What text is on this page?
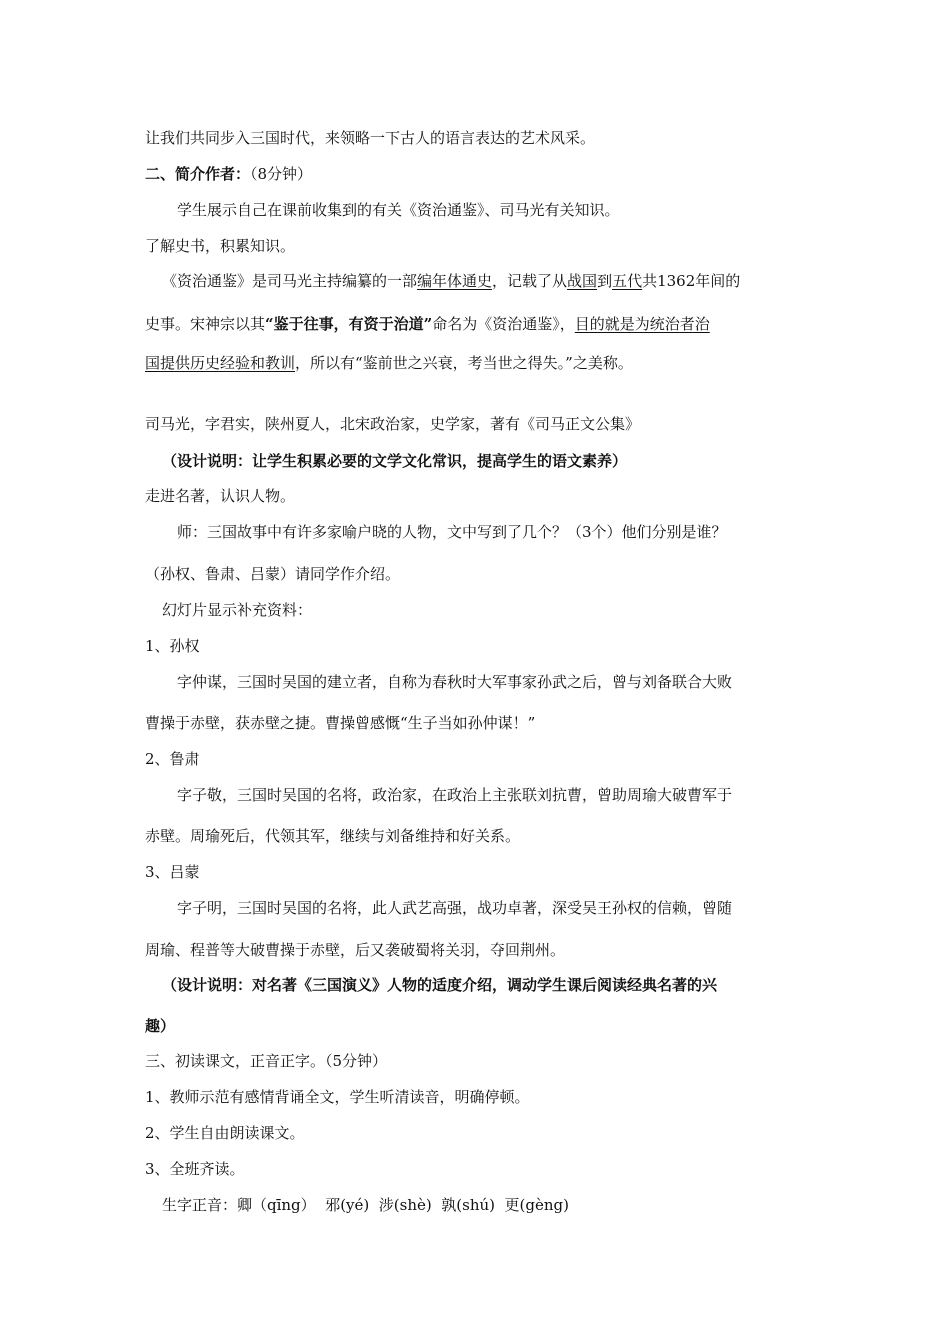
让我们共同步入三国时代，来领略一下古人的语言表达的艺术风采。
二、简介作者：（8分钟）
学生展示自己在课前收集到的有关《资治通鉴》、司马光有关知识。
了解史书，积累知识。
《资治通鉴》是司马光主持编纂的一部编年体通史，记载了从战国到五代共1362年间的
史事。宋神宗以其“鉴于往事，有资于治道”命名为《资治通鉴》，目的就是为统治者治
国提供历史经验和教训，所以有“鉴前世之兴衰，考当世之得失。”之美称。
司马光，字君实，陕州夏人，北宋政治家，史学家，著有《司马正文公集》
（设计说明：让学生积累必要的文学文化常识，提高学生的语文素养）
走进名著，认识人物。
师：三国故事中有许多家喻户晓的人物，文中写到了几个？（3个）他们分别是谁？
（孙权、鲁肃、吕蒙）请同学作介绍。
幻灯片显示补充资料：
1、孙权
字仲谋，三国时吴国的建立者，自称为春秋时大军事家孙武之后，曾与刘备联合大败
曹操于赤壁，获赤壁之捷。曹操曾感慨“生子当如孙仲谋！”
2、鲁肃
字子敬，三国时吴国的名将，政治家，在政治上主张联刘抗曹，曾助周瑜大破曹军于
赤壁。周瑜死后，代领其军，继续与刘备维持和好关系。
3、吕蒙
字子明，三国时吴国的名将，此人武艺高强，战功卓著，深受吴王孙权的信赖，曾随
周瑜、程普等大破曹操于赤壁，后又袭破蜀将关羽，夺回荆州。
（设计说明：对名著《三国演义》人物的适度介绍，调动学生课后阅读经典名著的兴
趣）
三、初读课文，正音正字。（5分钟）
1、教师示范有感情背诵全文，学生听清读音，明确停顿。
2、学生自由朗读课文。
3、全班齐读。
生字正音：卿（qīng）  邪(yé)  涉(shè)  孰(shú)  更(gèng)
